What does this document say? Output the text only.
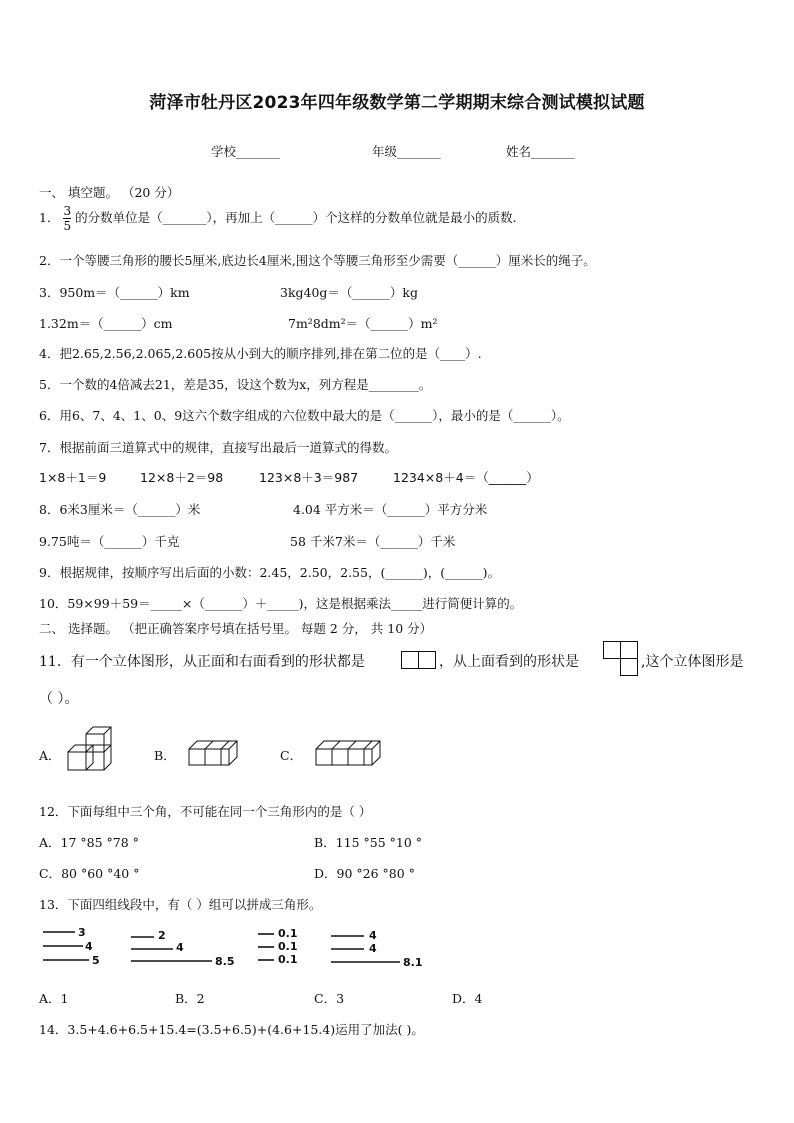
菏泽市牡丹区2023年四年级数学第二学期期末综合测试模拟试题
学校_______	年级_______	姓名_______
一、 填空题。 （20 分）
1． $\frac{3}{5}$ 的分数单位是（_______），再加上（______）个这样的分数单位就是最小的质数.
2．一个等腰三角形的腰长5厘米,底边长4厘米,围这个等腰三角形至少需要（______）厘米长的绳子。
3．950m＝（______）km	3kg40g＝（______）kg
1.32m＝（______）cm	7m²8dm²＝（______）m²
4．把2.65,2.56,2.065,2.605按从小到大的顺序排列,排在第二位的是（____）.
5．一个数的4倍减去21，差是35，设这个数为x，列方程是________。
6．用6、7、4、1、0、9这六个数字组成的六位数中最大的是（______），最小的是（______）。
7．根据前面三道算式中的规律，直接写出最后一道算式的得数。
1×8＋1＝9	12×8＋2＝98	123×8＋3＝987	1234×8＋4＝（______）
8．6米3厘米＝（______）米	4.04 平方米＝（______）平方分米
9.75吨＝（______）千克	58 千米7米＝（______）千米
9．根据规律，按顺序写出后面的小数：2.45，2.50，2.55，(______)，(______)。
10．59×99＋59＝_____×（______）＋_____)，这是根据乘法_____进行简便计算的。
二、 选择题。 （把正确答案序号填在括号里。 每题 2 分， 共 10 分）
11．有一个立体图形，从正面和右面看到的形状都是	，从上面看到的形状是	,这个立体图形是
（ ）。
A．	B．	C．
12．下面每组中三个角，不可能在同一个三角形内的是（ ）
A．17 °85 °78 °	B．115 °55 °10 °
C．80 °60 °40 °	D．90 °26 °80 °
13．下面四组线段中，有（ ）组可以拼成三角形。
3
4
5
2
4
8.5
0.1
0.1
0.1
4
4
8.1
A．1	B．2	C．3	D．4
14．3.5+4.6+6.5+15.4=(3.5+6.5)+(4.6+15.4)运用了加法( )。
